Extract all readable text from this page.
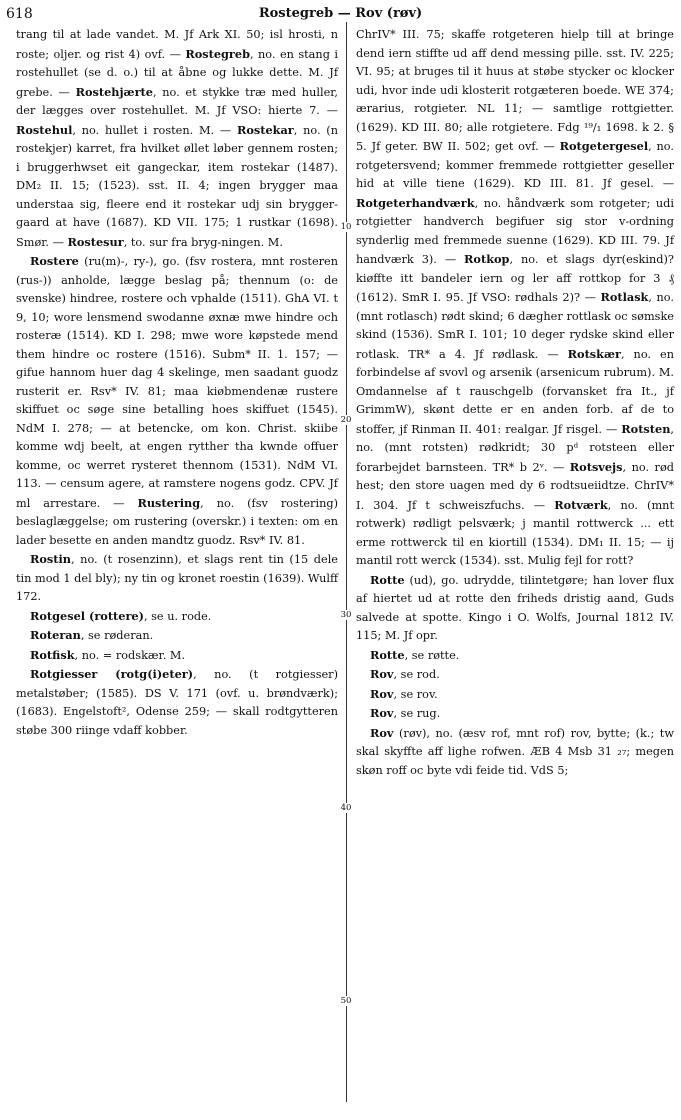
618	Rostegreb — Rov (røv)
10
20
30
40
50

trang til at lade vandet. M. Jf Ark XI. 50; isl hrosti, n roste; oljer. og rist 4) ovf. — Rostegreb, no. en stang i rostehullet (se d. o.) til at åbne og lukke dette. M. Jf grebe. — Rostehjærte, no. et stykke træ med huller, der lægges over rostehullet. M. Jf VSO: hierte 7. — Rostehul, no. hullet i rosten. M. — Rostekar, no. (n rostekjer) karret, fra hvilket øllet løber gennem rosten; i bruggerhwset eit gangeckar, item rostekar (1487). DM₂ II. 15; (1523). sst. II. 4; ingen brygger maa understaa sig, fleere end it rostekar udj sin brygger-gaard at have (1687). KD VII. 175; 1 rustkar (1698). Smør. — Rostesur, to. sur fra bryg-ningen. M.

Rostere (ru(m)-, ry-), go. (fsv rostera, mnt rosteren (rus-)) anholde, lægge beslag på; thennum (o: de svenske) hindree, rostere och vphalde (1511). GhA VI. t 9, 10; wore lensmend swodanne øxnæ mwe hindre och rosteræ (1514). KD I. 298; mwe wore køpstede mend them hindre oc rostere (1516). Subm* II. 1. 157; — gifue hannom huer dag 4 skelinge, men saadant guodz rusterit er. Rsv* IV. 81; maa kiøbmendenæ rustere skiffuet oc søge sine betalling hoes skiffuet (1545). NdM I. 278; — at betencke, om kon. Christ. skiibe komme wdj beelt, at engen rytther tha kwnde offuer komme, oc werret rysteret thennom (1531). NdM VI. 113. — censum agere, at ramstere nogens godz. CPV. Jf ml arrestare. — Rustering, no. (fsv rostering) beslaglæggelse; om rustering (overskr.) i texten: om en lader besette en anden mandtz guodz. Rsv* IV. 81.

Rostin, no. (t rosenzinn), et slags rent tin (15 dele tin mod 1 del bly); ny tin og kronet roestin (1639). Wulff 172.

Rotgesel (rottere), se u. rode.

Roteran, se røderan.

Rotfisk, no. = rodskær. M.

Rotgiesser (rotg(i)eter), no. (t rotgiesser) metalstøber; (1585). DS V. 171 (ovf. u. brøndværk); (1683). Engelstoft², Odense 259; — skall rodtgytteren støbe 300 riinge vdaff kobber.

ChrIV* III. 75; skaffe rotgeteren hielp till at bringe dend iern stiffte ud aff dend messing pille. sst. IV. 225; VI. 95; at bruges til it huus at støbe stycker oc klocker udi, hvor inde udi klosterit rotgæteren boede. WE 374; ærarius, rotgieter. NL 11; — samtlige rottgietter. (1629). KD III. 80; alle rotgietere. Fdg ¹⁹/₁ 1698. k 2. § 5. Jf geter. BW II. 502; get ovf. — Rotgetergesel, no. rotgetersvend; kommer fremmede rottgietter geseller hid at ville tiene (1629). KD III. 81. Jf gesel. — Rotgeterhandværk, no. håndværk som rotgeter; udi rotgietter handverch begifuer sig stor v-ordning synderlig med fremmede suenne (1629). KD III. 79. Jf handværk 3). — Rotkop, no. et slags dyr(eskind)? kiøffte itt bandeler iern og ler aff rottkop for 3 ₰ (1612). SmR I. 95. Jf VSO: rødhals 2)? — Rotlask, no. (mnt rotlasch) rødt skind; 6 dægher rottlask oc sømske skind (1536). SmR I. 101; 10 deger rydske skind eller rotlask. TR* a 4. Jf rødlask. — Rotskær, no. en forbindelse af svovl og arsenik (arsenicum rubrum). M. Omdannelse af t rauschgelb (forvansket fra It., jf GrimmW), skønt dette er en anden forb. af de to stoffer, jf Rinman II. 401: realgar. Jf risgel. — Rotsten, no. (mnt rotsten) rødkridt; 30 pᵈ rotsteen eller forarbejdet barnsteen. TR* b 2ᵛ. — Rotsvejs, no. rød hest; den store uagen med dy 6 rodtsueiidtze. ChrIV* I. 304. Jf t schweiszfuchs. — Rotværk, no. (mnt rotwerk) rødligt pelsværk; j mantil rottwerck ... ett erme rottwerck til en kiortill (1534). DM₁ II. 15; — ij mantil rott werck (1534). sst. Mulig fejl for rott?

Rotte (ud), go. udrydde, tilintetgøre; han lover flux af hiertet ud at rotte den friheds dristig aand, Guds salvede at spotte. Kingo i O. Wolfs, Journal 1812 IV. 115; M. Jf opr.

Rotte, se røtte.

Rov, se rod.

Rov, se rov.

Rov, se rug.

Rov (røv), no. (æsv rof, mnt rof) rov, bytte; (k.; tw skal skyffte aff lighe rofwen. ÆB 4 Msb 31 ₂₇; megen skøn roff oc byte vdi feide tid. VdS 5;
